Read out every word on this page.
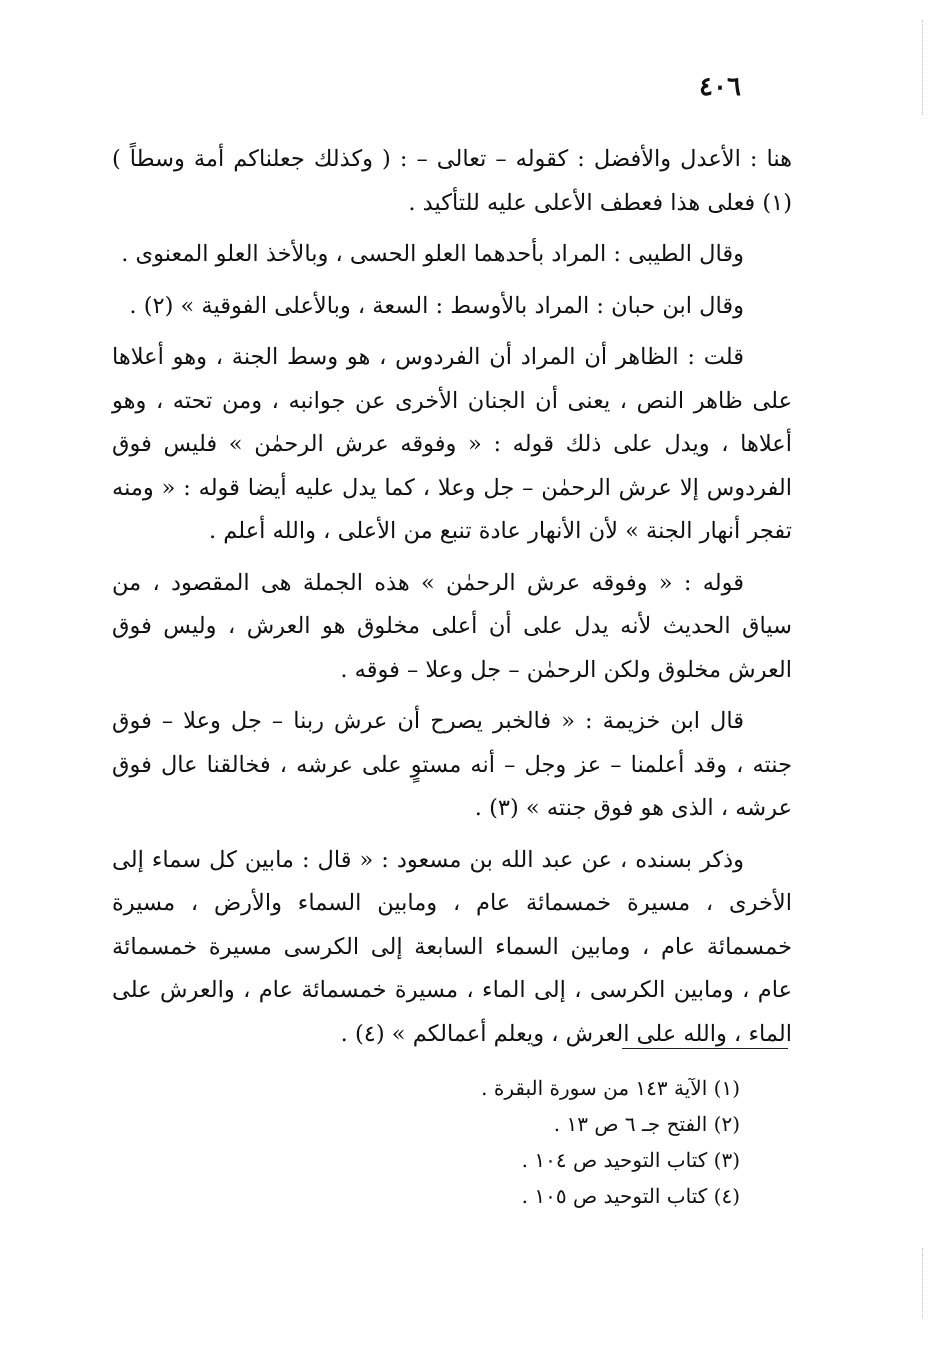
٤٠٦

هنا : الأعدل والأفضل : كقوله – تعالى – : ( وكذلك جعلناكم أمة وسطاً ) (١) فعلى هذا فعطف الأعلى عليه للتأكيد .

وقال الطيبى : المراد بأحدهما العلو الحسى ، وبالأخذ العلو المعنوى .

وقال ابن حبان : المراد بالأوسط : السعة ، وبالأعلى الفوقية » (٢) .

قلت : الظاهر أن المراد أن الفردوس ، هو وسط الجنة ، وهو أعلاها على ظاهر النص ، يعنى أن الجنان الأخرى عن جوانبه ، ومن تحته ، وهو أعلاها ، ويدل على ذلك قوله : « وفوقه عرش الرحمٰن » فليس فوق الفردوس إلا عرش الرحمٰن – جل وعلا ، كما يدل عليه أيضا قوله : « ومنه تفجر أنهار الجنة » لأن الأنهار عادة تنبع من الأعلى ، والله أعلم .

قوله : « وفوقه عرش الرحمٰن » هذه الجملة هى المقصود ، من سياق الحديث لأنه يدل على أن أعلى مخلوق هو العرش ، وليس فوق العرش مخلوق ولكن الرحمٰن – جل وعلا – فوقه .

قال ابن خزيمة : « فالخبر يصرح أن عرش ربنا – جل وعلا – فوق جنته ، وقد أعلمنا – عز وجل – أنه مستوٍ على عرشه ، فخالقنا عال فوق عرشه ، الذى هو فوق جنته » (٣) .

وذكر بسنده ، عن عبد الله بن مسعود : « قال : مابين كل سماء إلى الأخرى ، مسيرة خمسمائة عام ، ومابين السماء والأرض ، مسيرة خمسمائة عام ، ومابين السماء السابعة إلى الكرسى مسيرة خمسمائة عام ، ومابين الكرسى ، إلى الماء ، مسيرة خمسمائة عام ، والعرش على الماء ، والله على العرش ، ويعلم أعمالكم » (٤) .

(١) الآية ١٤٣ من سورة البقرة .

(٢) الفتح جـ ٦ ص ١٣ .

(٣) كتاب التوحيد ص ١٠٤ .

(٤) كتاب التوحيد ص ١٠٥ .
